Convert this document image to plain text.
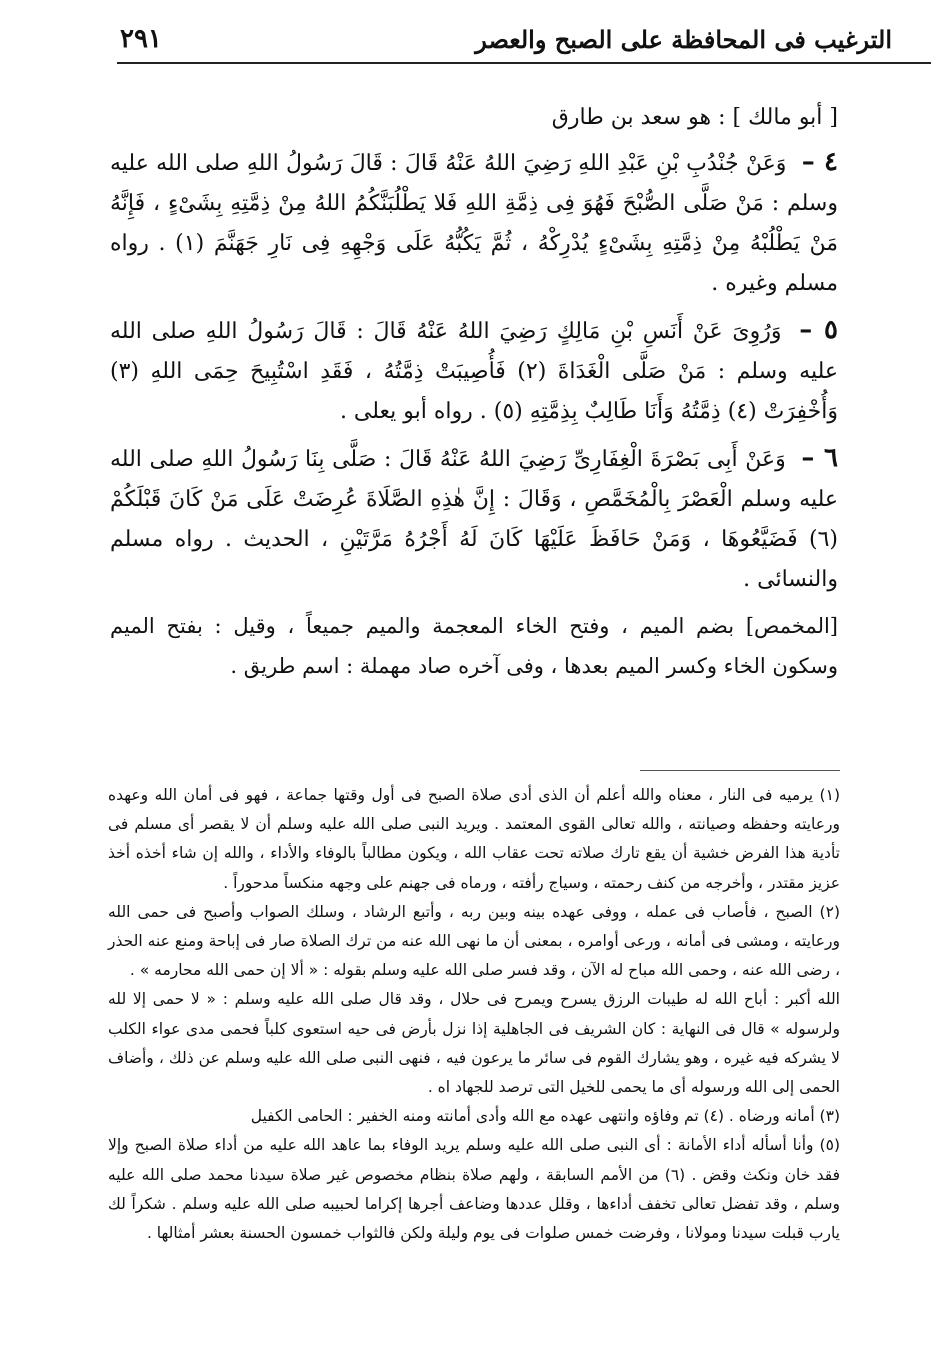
الترغيب فى المحافظة على الصبح والعصر
٢٩١

[ أبو مالك ] : هو سعد بن طارق

٤ – وَعَنْ جُنْدُبِ بْنِ عَبْدِ اللهِ رَضِيَ اللهُ عَنْهُ قَالَ : قَالَ رَسُولُ اللهِ صلى الله عليه وسلم : مَنْ صَلَّى الصُّبْحَ فَهُوَ فِى ذِمَّةِ اللهِ فَلا يَطْلُبَنَّكُمُ اللهُ مِنْ ذِمَّتِهِ بِشَىْءٍ ، فَإِنَّهُ مَنْ يَطْلُبْهُ مِنْ ذِمَّتِهِ بِشَىْءٍ يُدْرِكْهُ ، ثُمَّ يَكُبُّهُ عَلَى وَجْهِهِ فِى نَارِ جَهَنَّمَ (١) . رواه مسلم وغيره .

٥ – وَرُوِىَ عَنْ أَنَسِ بْنِ مَالِكٍ رَضِيَ اللهُ عَنْهُ قَالَ : قَالَ رَسُولُ اللهِ صلى الله عليه وسلم : مَنْ صَلَّى الْغَدَاةَ (٢) فَأُصِيبَتْ ذِمَّتُهُ ، فَقَدِ اسْتُبِيحَ حِمَى اللهِ (٣) وَأُخْفِرَتْ (٤) ذِمَّتُهُ وَأَنَا طَالِبٌ بِذِمَّتِهِ (٥) . رواه أبو يعلى .

٦ – وَعَنْ أَبِى بَصْرَةَ الْغِفَارِىِّ رَضِيَ اللهُ عَنْهُ قَالَ : صَلَّى بِنَا رَسُولُ اللهِ صلى الله عليه وسلم الْعَصْرَ بِالْمُخَمَّصِ ، وَقَالَ : إِنَّ هٰذِهِ الصَّلَاةَ عُرِضَتْ عَلَى مَنْ كَانَ قَبْلَكُمْ (٦) فَضَيَّعُوهَا ، وَمَنْ حَافَظَ عَلَيْهَا كَانَ لَهُ أَجْرُهُ مَرَّتَيْنِ ، الحديث . رواه مسلم والنسائى .

[المخمص] بضم الميم ، وفتح الخاء المعجمة والميم جميعاً ، وقيل : بفتح الميم وسكون الخاء وكسر الميم بعدها ، وفى آخره صاد مهملة : اسم طريق .

(١) يرميه فى النار ، معناه والله أعلم أن الذى أدى صلاة الصبح فى أول وقتها جماعة ، فهو فى أمان الله وعهده ورعايته وحفظه وصيانته ، والله تعالى القوى المعتمد . ويريد النبى صلى الله عليه وسلم أن لا يقصر أى مسلم فى تأدية هذا الفرض خشية أن يقع تارك صلاته تحت عقاب الله ، ويكون مطالباً بالوفاء والأداء ، والله إن شاء أخذه أخذ عزيز مقتدر ، وأخرجه من كنف رحمته ، وسياج رأفته ، ورماه فى جهنم على وجهه منكساً مدحوراً .

(٢) الصبح ، فأصاب فى عمله ، ووفى عهده بينه وبين ربه ، وأتبع الرشاد ، وسلك الصواب وأصبح فى حمى الله ورعايته ، ومشى فى أمانه ، ورعى أوامره ، بمعنى أن ما نهى الله عنه من ترك الصلاة صار فى إباحة ومنع عنه الحذر ، رضى الله عنه ، وحمى الله مباح له الآن ، وقد فسر صلى الله عليه وسلم بقوله : « ألا إن حمى الله محارمه » .

الله أكبر : أباح الله له طيبات الرزق يسرح ويمرح فى حلال ، وقد قال صلى الله عليه وسلم : « لا حمى إلا لله ولرسوله » قال فى النهاية : كان الشريف فى الجاهلية إذا نزل بأرض فى حيه استعوى كلباً فحمى مدى عواء الكلب لا يشركه فيه غيره ، وهو يشارك القوم فى سائر ما يرعون فيه ، فنهى النبى صلى الله عليه وسلم عن ذلك ، وأضاف الحمى إلى الله ورسوله أى ما يحمى للخيل التى ترصد للجهاد اه .

(٣) أمانه ورضاه . (٤) تم وفاؤه وانتهى عهده مع الله وأدى أمانته ومنه الخفير : الحامى الكفيل

(٥) وأنا أسأله أداء الأمانة : أى النبى صلى الله عليه وسلم يريد الوفاء بما عاهد الله عليه من أداء صلاة الصبح وإلا فقد خان ونكث وقض . (٦) من الأمم السابقة ، ولهم صلاة بنظام مخصوص غير صلاة سيدنا محمد صلى الله عليه وسلم ، وقد تفضل تعالى تخفف أداءها ، وقلل عددها وضاعف أجرها إكراما لحبيبه صلى الله عليه وسلم . شكراً لك يارب قبلت سيدنا ومولانا ، وفرضت خمس صلوات فى يوم وليلة ولكن فالثواب خمسون الحسنة بعشر أمثالها .
